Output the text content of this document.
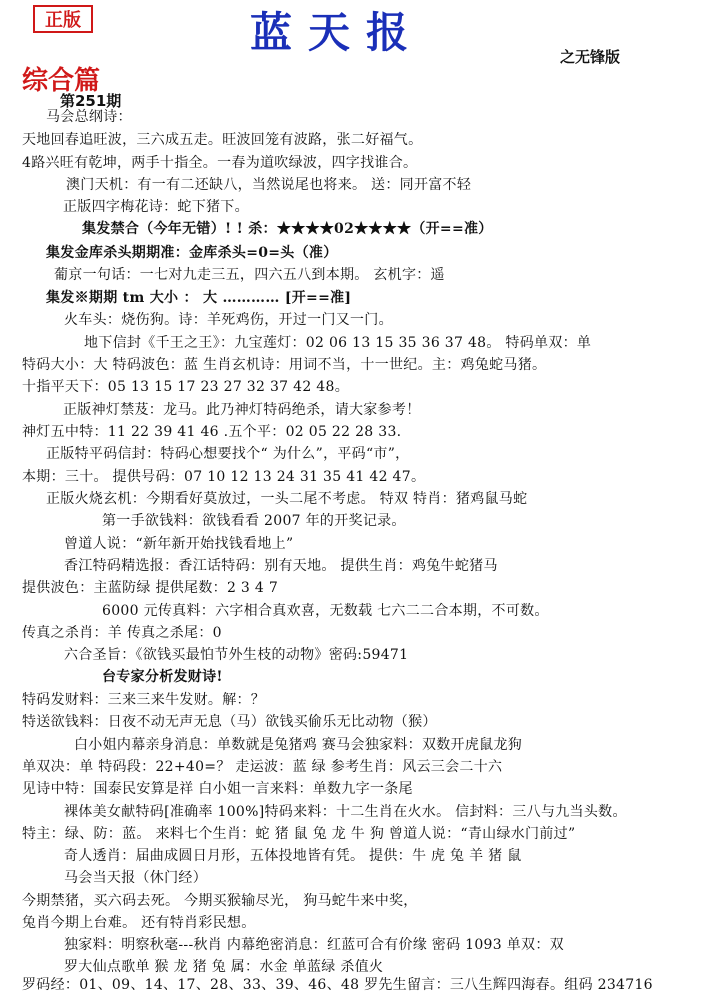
正版	蓝天报	之无锋版
综合篇
第251期
马会总纲诗：
天地回春追旺波，三六成五走。旺波回笼有波路，张二好福气。
4路兴旺有乾坤，两手十指全。一春为道吹绿波，四字找谁合。
澳门天机：有一有二还缺八，当然说尾也将来。 送：同开富不轻
正版四字梅花诗：蛇下猪下。
集发禁合（今年无错）! ! 杀：★★★★02★★★★（开==准）
集发金库杀头期期准：金库杀头=0=头（准）
葡京一句话：一七对九走三五，四六五八到本期。 玄机字：遥
集发※期期 tm 大小 ： 大 ………… [开==准]
火车头：烧伤狗。诗：羊死鸡伤，开过一门又一门。
地下信封《千王之王》：九宝莲灯：02 06 13 15 35 36 37 48。 特码单双：单
特码大小：大 特码波色：蓝 生肖玄机诗：用词不当，十一世纪。主：鸡兔蛇马猪。
十指平天下：05 13 15 17 23 27 32 37 42 48。
正版神灯禁芨：龙马。此乃神灯特码绝杀，请大家参考！
神灯五中特：11 22 39 41 46 .五个平：02 05 22 28 33.
正版特平码信封：特码心想要找个“ 为什么”，平码“市”，
本期：三十。 提供号码：07 10 12 13 24 31 35 41 42 47。
正版火烧玄机：今期看好莫放过，一头二尾不考虑。 特双 特肖：猪鸡鼠马蛇
第一手欲钱料：欲钱看看 2007 年的开奖记录。
曾道人说：“新年新开始找钱看地上”
香江特码精选报：香江话特码：别有天地。 提供生肖：鸡兔牛蛇猪马
提供波色：主蓝防绿 提供尾数：2 3 4 7
6000 元传真料：六字相合真欢喜，无数载 七六二二合本期，不可数。
传真之杀肖：羊 传真之杀尾：0
六合圣旨：《欲钱买最怕节外生枝的动物》密码:59471
台专家分析发财诗!
特码发财料：三来三来牛发财。解：？
特送欲钱料：日夜不动无声无息（马）欲钱买偷乐无比动物（猴）
白小姐内幕亲身消息：单数就是兔猪鸡 赛马会独家料：双数开虎鼠龙狗
单双决：单 特码段：22+40=？ 走运波：蓝 绿 参考生肖：风云三会二十六
见诗中特：国泰民安算是祥 白小姐一言来料：单数九字一条尾
裸体美女献特码[准确率 100%]特码来料：十二生肖在火水。 信封料：三八与九当头数。
特主：绿、防：蓝。 来料七个生肖：蛇 猪 鼠 兔 龙 牛 狗 曾道人说：“青山绿水门前过”
奇人透肖：届曲成圆日月形，五体投地皆有凭。 提供：牛 虎 兔 羊 猪 鼠
马会当天报（休门经）
今期禁猪，买六码去死。 今期买猴输尽光， 狗马蛇牛来中奖，
兔肖今期上台难。 还有特肖彩民想。
独家料：明察秋毫---秋肖 内幕绝密消息：红蓝可合有价缘 密码 1093 单双：双
罗大仙点歌单 猴 龙 猪 兔 属：水金 单蓝绿 杀值火
罗码经：01、09、14、17、28、33、39、46、48 罗先生留言：三八生辉四海春。组码 234716
